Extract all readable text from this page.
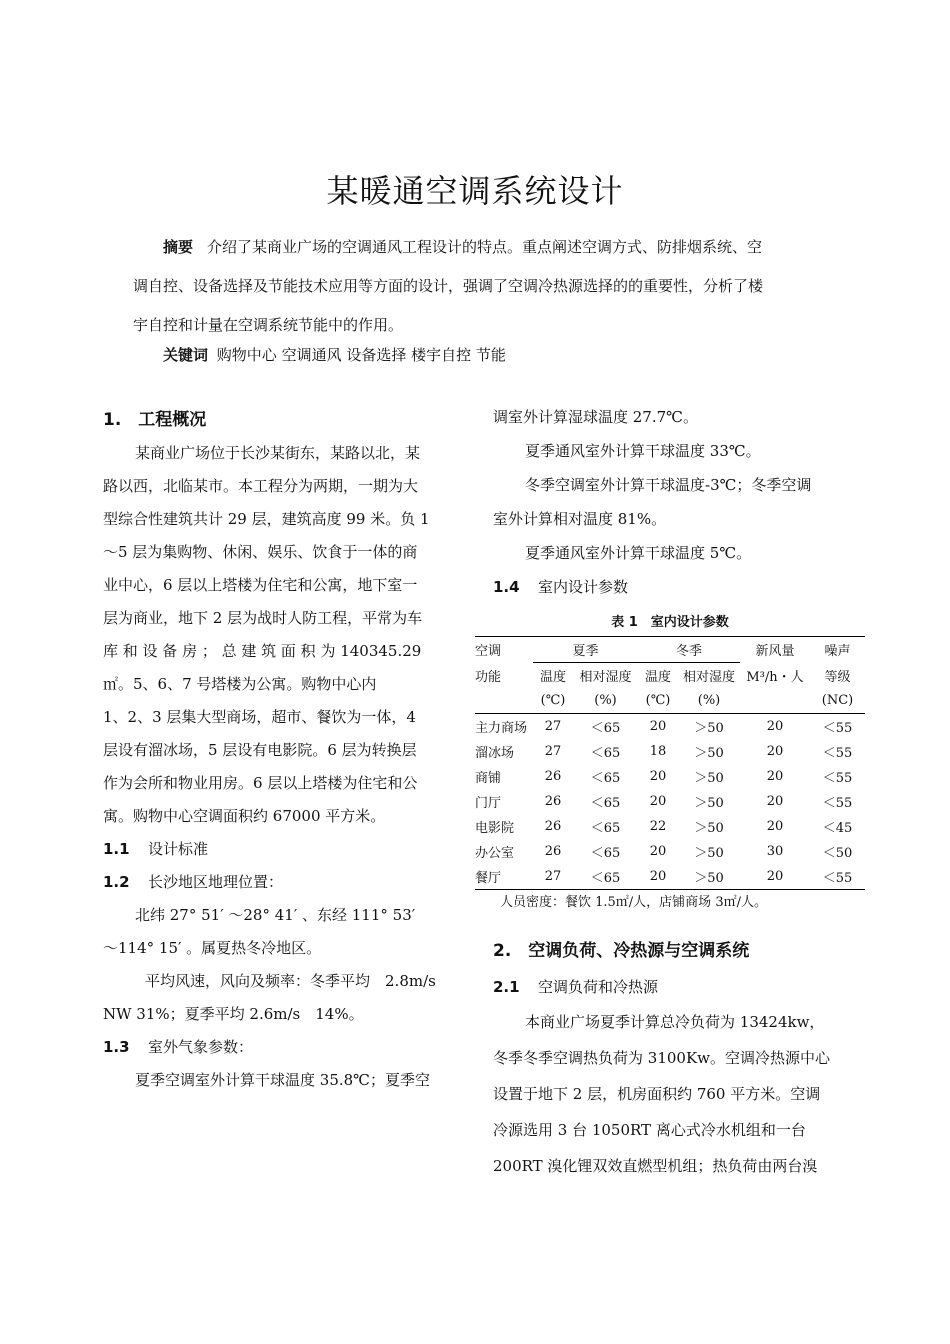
某暖通空调系统设计
摘要 介绍了某商业广场的空调通风工程设计的特点。重点阐述空调方式、防排烟系统、空
调自控、设备选择及节能技术应用等方面的设计，强调了空调冷热源选择的的重要性，分析了楼
宇自控和计量在空调系统节能中的作用。
关键词 购物中心 空调通风 设备选择 楼宇自控 节能

1.　工程概况

某商业广场位于长沙某街东，某路以北，某

路以西，北临某市。本工程分为两期，一期为大

型综合性建筑共计 29 层，建筑高度 99 米。负 1

～5 层为集购物、休闲、娱乐、饮食于一体的商

业中心，6 层以上塔楼为住宅和公寓，地下室一

层为商业，地下 2 层为战时人防工程，平常为车

库 和 设 备 房 ； 总 建 筑 面 积 为 140345.29

㎡。5、6、7 号塔楼为公寓。购物中心内

1、2、3 层集大型商场，超市、餐饮为一体，4

层设有溜冰场，5 层设有电影院。6 层为转换层

作为会所和物业用房。6 层以上塔楼为住宅和公

寓。购物中心空调面积约 67000 平方米。

1.1 设计标准

1.2 长沙地区地理位置：

北纬 27° 51′ ～28° 41′ 、东经 111° 53′

～114° 15′ 。属夏热冬冷地区。

平均风速，风向及频率：冬季平均　2.8m/s

NW 31%；夏季平均 2.6m/s　14%。

1.3 室外气象参数：

夏季空调室外计算干球温度 35.8℃；夏季空

调室外计算湿球温度 27.7℃。

夏季通风室外计算干球温度 33℃。

冬季空调室外计算干球温度-3℃；冬季空调

室外计算相对温度 81%。

夏季通风室外计算干球温度 5℃。

1.4 室内设计参数

表 1　室内设计参数
空调	夏季		冬季		新风量	噪声
功能	温度	相对湿度	温度	相对湿度	M³/h・人	等级
	(℃)	(%)	(℃)	(%)		(NC)
主力商场	27	＜65	20	＞50	20	＜55
溜冰场	27	＜65	18	＞50	20	＜55
商铺	26	＜65	20	＞50	20	＜55
门厅	26	＜65	20	＞50	20	＜55
电影院	26	＜65	22	＞50	20	＜45
办公室	26	＜65	20	＞50	30	＜50
餐厅	27	＜65	20	＞50	20	＜55
人员密度：餐饮 1.5㎡/人，店铺商场 3㎡/人。

2.　空调负荷、冷热源与空调系统

2.1 空调负荷和冷热源

本商业广场夏季计算总冷负荷为 13424kw，

冬季冬季空调热负荷为 3100Kw。空调冷热源中心

设置于地下 2 层，机房面积约 760 平方米。空调

冷源选用 3 台 1050RT 离心式冷水机组和一台

200RT 溴化锂双效直燃型机组；热负荷由两台溴
